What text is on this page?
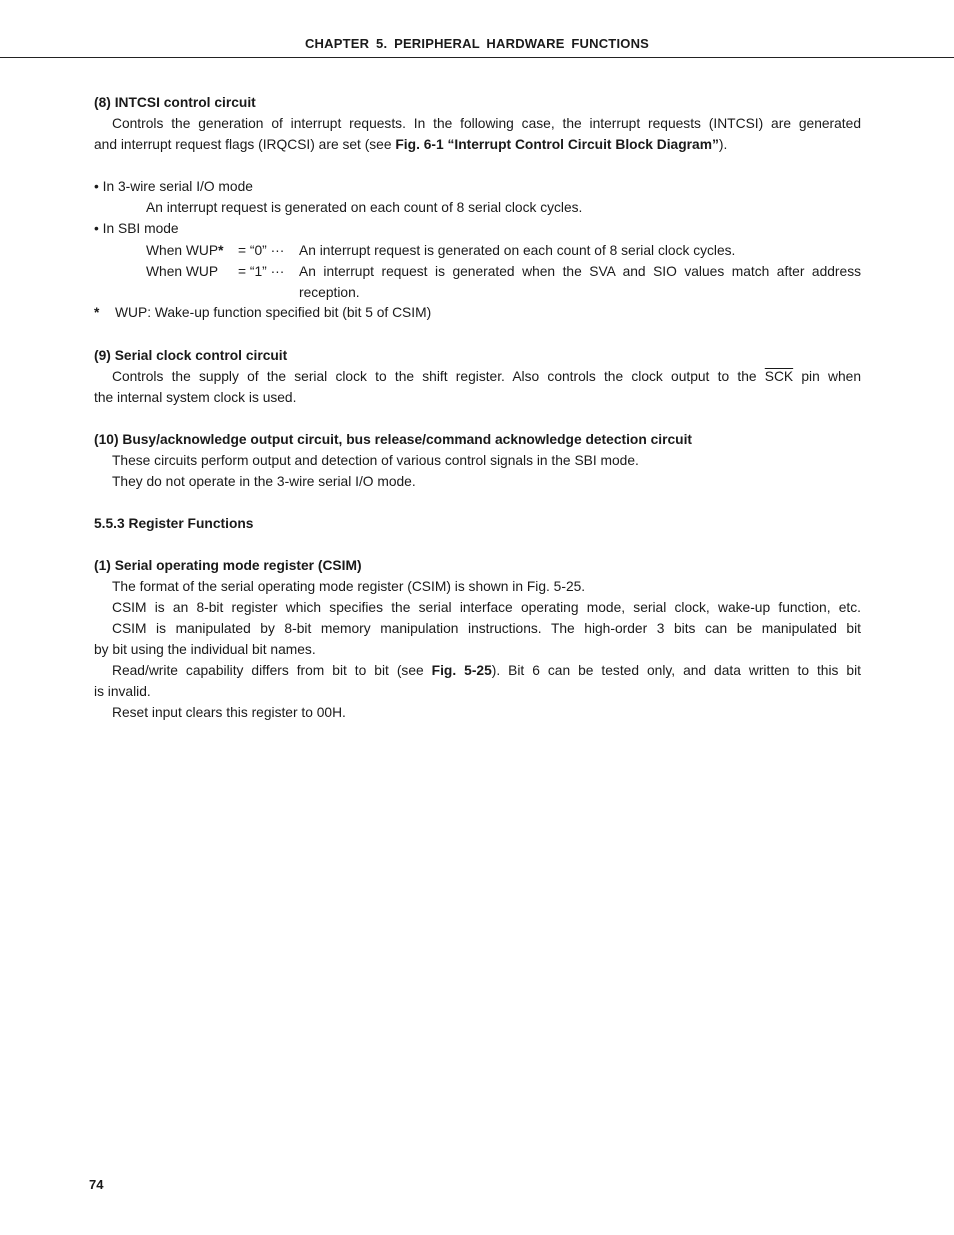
CHAPTER 5. PERIPHERAL HARDWARE FUNCTIONS
(8) INTCSI control circuit
Controls the generation of interrupt requests. In the following case, the interrupt requests (INTCSI) are generated
and interrupt request flags (IRQCSI) are set (see Fig. 6-1 “Interrupt Control Circuit Block Diagram”).
• In 3-wire serial I/O mode
An interrupt request is generated on each count of 8 serial clock cycles.
• In SBI mode
When WUP* = “0” ··· An interrupt request is generated on each count of 8 serial clock cycles.
When WUP = “1” ··· An interrupt request is generated when the SVA and SIO values match after address
reception.
* WUP: Wake-up function specified bit (bit 5 of CSIM)
(9) Serial clock control circuit
Controls the supply of the serial clock to the shift register. Also controls the clock output to the $\overline{SCK}$ pin when
the internal system clock is used.
(10) Busy/acknowledge output circuit, bus release/command acknowledge detection circuit
These circuits perform output and detection of various control signals in the SBI mode.
They do not operate in the 3-wire serial I/O mode.
5.5.3 Register Functions
(1) Serial operating mode register (CSIM)
The format of the serial operating mode register (CSIM) is shown in Fig. 5-25.
CSIM is an 8-bit register which specifies the serial interface operating mode, serial clock, wake-up function, etc.
CSIM is manipulated by 8-bit memory manipulation instructions. The high-order 3 bits can be manipulated bit
by bit using the individual bit names.
Read/write capability differs from bit to bit (see Fig. 5-25). Bit 6 can be tested only, and data written to this bit
is invalid.
Reset input clears this register to 00H.
74
